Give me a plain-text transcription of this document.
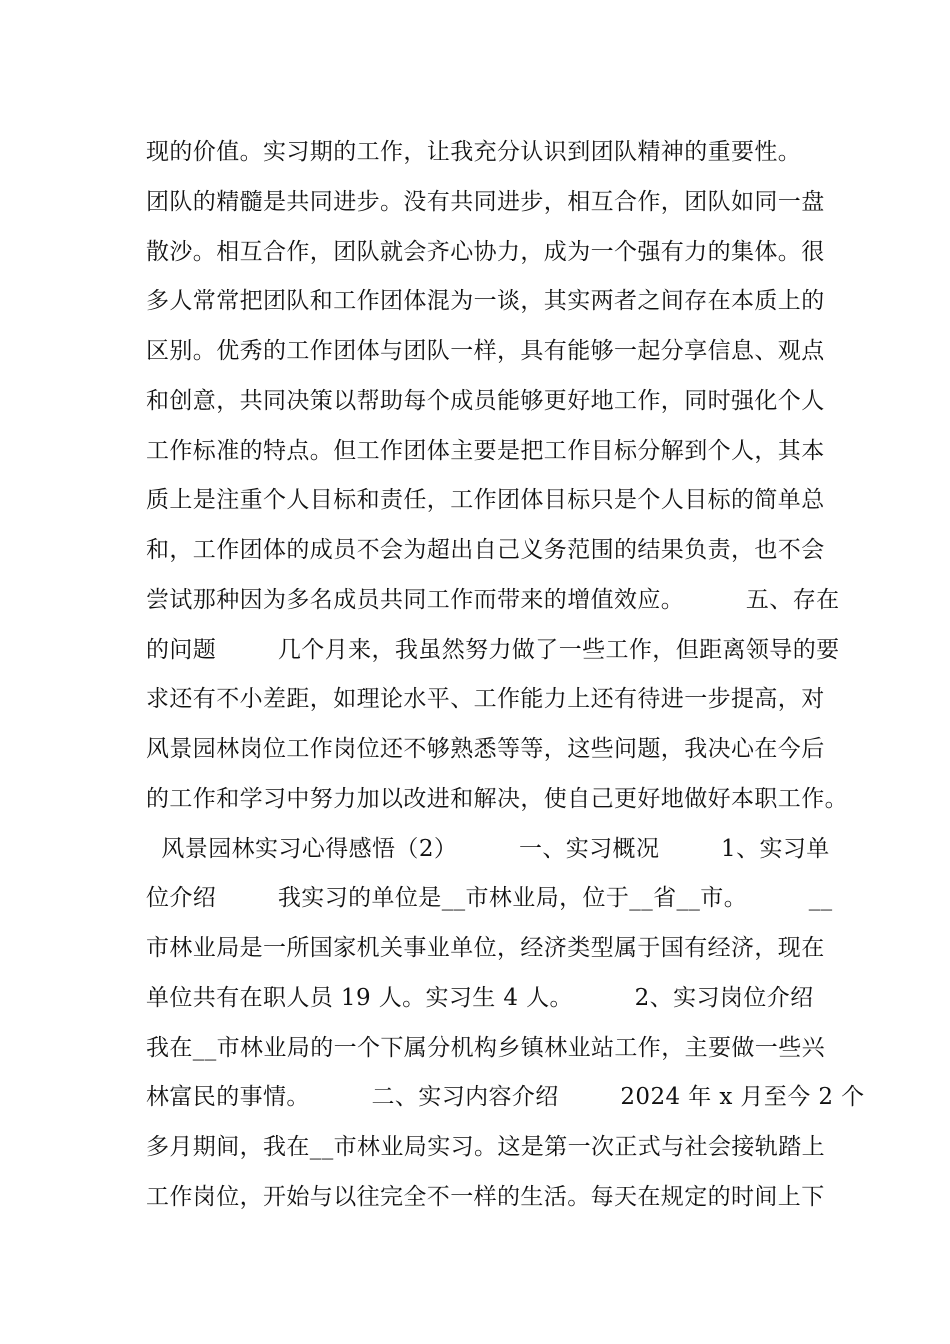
现的价值。实习期的工作，让我充分认识到团队精神的重要性。
团队的精髓是共同进步。没有共同进步，相互合作，团队如同一盘
散沙。相互合作，团队就会齐心协力，成为一个强有力的集体。很
多人常常把团队和工作团体混为一谈，其实两者之间存在本质上的
区别。优秀的工作团体与团队一样，具有能够一起分享信息、观点
和创意，共同决策以帮助每个成员能够更好地工作，同时强化个人
工作标准的特点。但工作团体主要是把工作目标分解到个人，其本
质上是注重个人目标和责任，工作团体目标只是个人目标的简单总
和，工作团体的成员不会为超出自己义务范围的结果负责，也不会
尝试那种因为多名成员共同工作而带来的增值效应。        五、存在
的问题        几个月来，我虽然努力做了一些工作，但距离领导的要
求还有不小差距，如理论水平、工作能力上还有待进一步提高，对
风景园林岗位工作岗位还不够熟悉等等，这些问题，我决心在今后
的工作和学习中努力加以改进和解决，使自己更好地做好本职工作。
风景园林实习心得感悟（2）        一、实习概况        1、实习单
位介绍        我实习的单位是__市林业局，位于__省__市。        __
市林业局是一所国家机关事业单位，经济类型属于国有经济，现在
单位共有在职人员 19 人。实习生 4 人。        2、实习岗位介绍
我在__市林业局的一个下属分机构乡镇林业站工作，主要做一些兴
林富民的事情。        二、实习内容介绍        2024 年 x 月至今 2 个
多月期间，我在__市林业局实习。这是第一次正式与社会接轨踏上
工作岗位，开始与以往完全不一样的生活。每天在规定的时间上下
